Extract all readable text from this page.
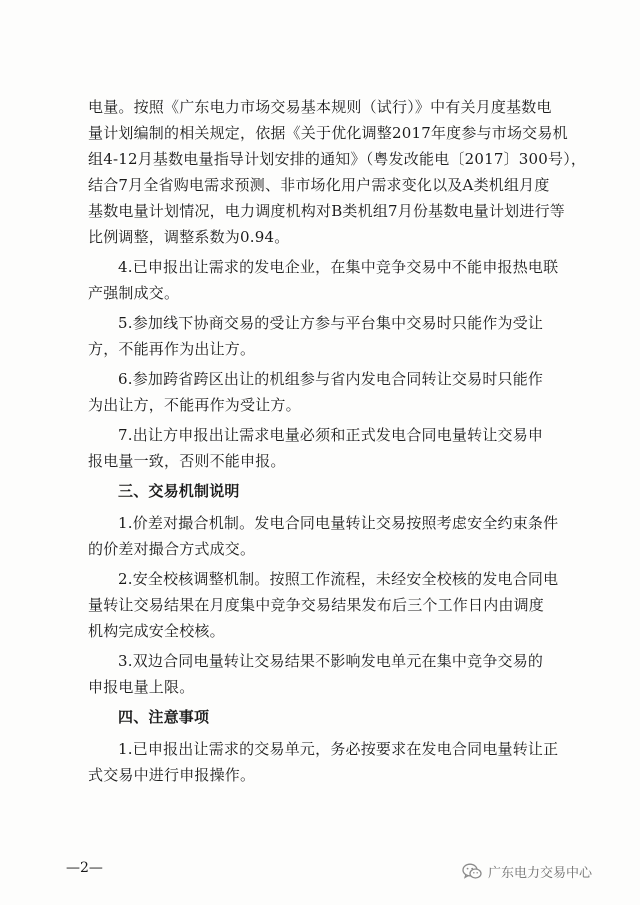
电量。按照《广东电力市场交易基本规则（试行）》中有关月度基数电
量计划编制的相关规定，依据《关于优化调整2017年度参与市场交易机
组4-12月基数电量指导计划安排的通知》（粤发改能电〔2017〕300号），
结合7月全省购电需求预测、非市场化用户需求变化以及A类机组月度
基数电量计划情况，电力调度机构对B类机组7月份基数电量计划进行等
比例调整，调整系数为0.94。
4.已申报出让需求的发电企业，在集中竞争交易中不能申报热电联
产强制成交。
5.参加线下协商交易的受让方参与平台集中交易时只能作为受让
方，不能再作为出让方。
6.参加跨省跨区出让的机组参与省内发电合同转让交易时只能作
为出让方，不能再作为受让方。
7.出让方申报出让需求电量必须和正式发电合同电量转让交易申
报电量一致，否则不能申报。
三、交易机制说明
1.价差对撮合机制。发电合同电量转让交易按照考虑安全约束条件
的价差对撮合方式成交。
2.安全校核调整机制。按照工作流程，未经安全校核的发电合同电
量转让交易结果在月度集中竞争交易结果发布后三个工作日内由调度
机构完成安全校核。
3.双边合同电量转让交易结果不影响发电单元在集中竞争交易的
申报电量上限。
四、注意事项
1.已申报出让需求的交易单元，务必按要求在发电合同电量转让正
式交易中进行申报操作。
—2—	广东电力交易中心
